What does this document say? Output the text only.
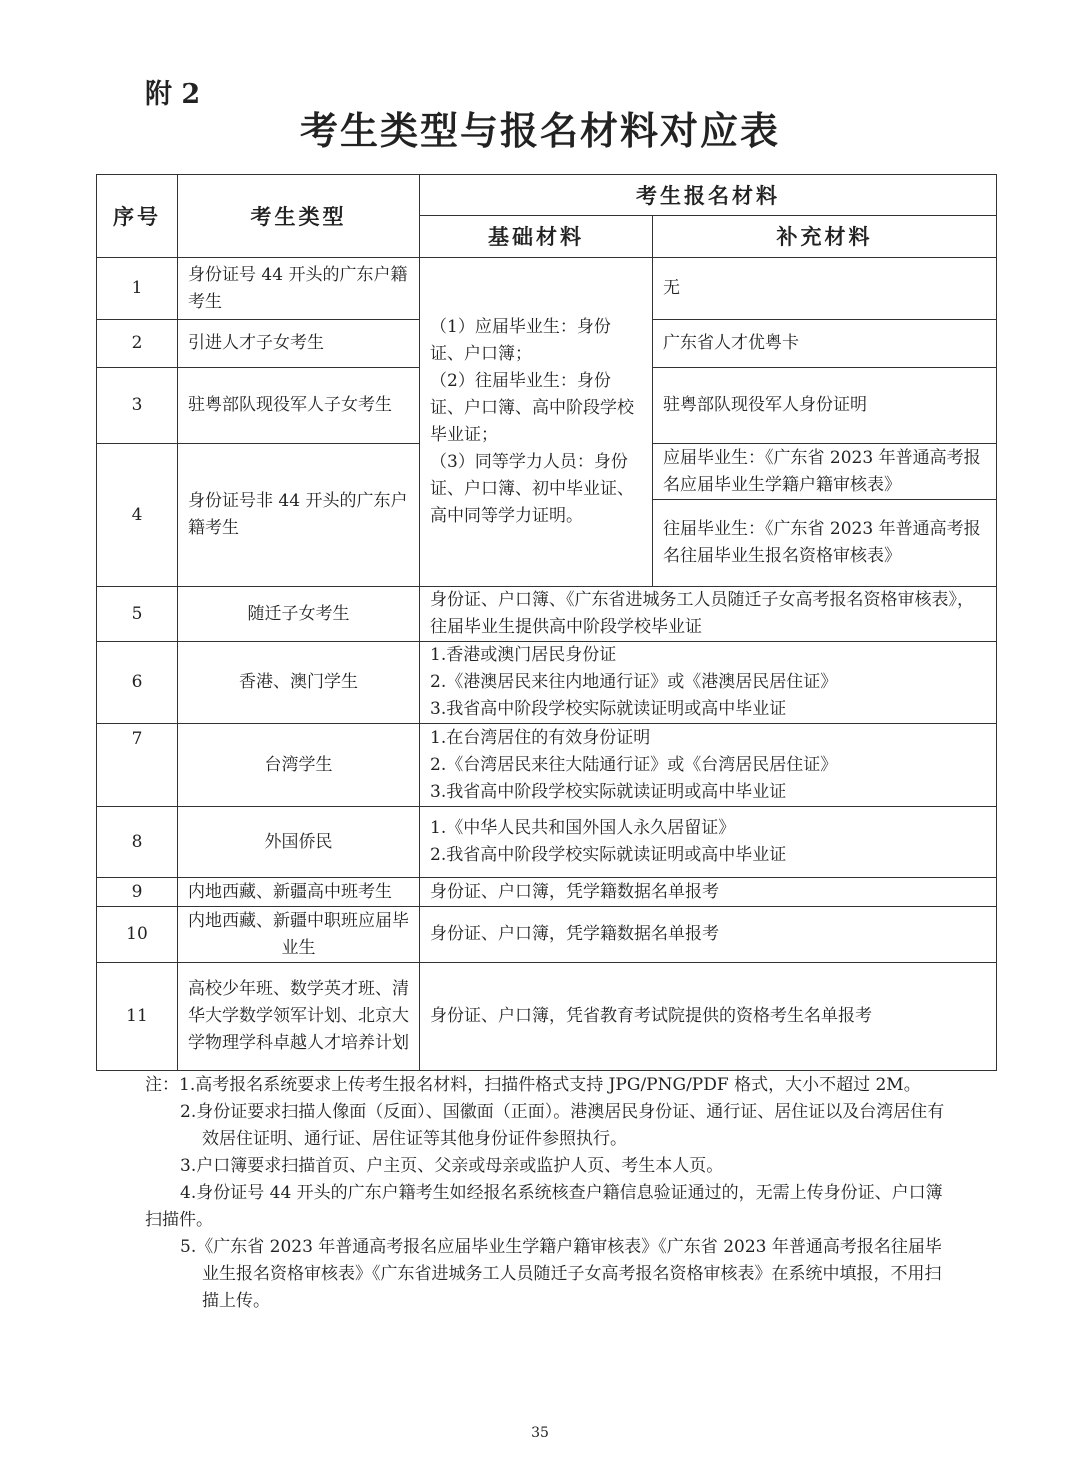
附 2
考生类型与报名材料对应表
序号	考生类型	考生报名材料	
		基础材料	补充材料
1	身份证号 44 开头的广东户籍考生	（1）应届毕业生：身份证、户口簿；
（2）往届毕业生：身份证、户口簿、高中阶段学校毕业证；
（3）同等学力人员：身份证、户口簿、初中毕业证、高中同等学力证明。	无
2	引进人才子女考生		广东省人才优粤卡
3	驻粤部队现役军人子女考生		驻粤部队现役军人身份证明
4	身份证号非 44 开头的广东户籍考生		应届毕业生：《广东省 2023 年普通高考报名应届毕业生学籍户籍审核表》
			往届毕业生：《广东省 2023 年普通高考报名往届毕业生报名资格审核表》
5	随迁子女考生	身份证、户口簿、《广东省进城务工人员随迁子女高考报名资格审核表》，往届毕业生提供高中阶段学校毕业证	
6	香港、澳门学生	1.香港或澳门居民身份证
2.《港澳居民来往内地通行证》或《港澳居民居住证》
3.我省高中阶段学校实际就读证明或高中毕业证	

7	台湾学生	1.在台湾居住的有效身份证明
2.《台湾居民来往大陆通行证》或《台湾居民居住证》
3.我省高中阶段学校实际就读证明或高中毕业证	

8	外国侨民	1.《中华人民共和国外国人永久居留证》
2.我省高中阶段学校实际就读证明或高中毕业证	

9	内地西藏、新疆高中班考生	身份证、户口簿，凭学籍数据名单报考	
10	内地西藏、新疆中职班应届毕业生	身份证、户口簿，凭学籍数据名单报考	
11	高校少年班、数学英才班、清华大学数学领军计划、北京大学物理学科卓越人才培养计划	身份证、户口簿，凭省教育考试院提供的资格考生名单报考	

注：1.高考报名系统要求上传考生报名材料，扫描件格式支持 JPG/PNG/PDF 格式，大小不超过 2M。

2.身份证要求扫描人像面（反面）、国徽面（正面）。港澳居民身份证、通行证、居住证以及台湾居住有效居住证明、通行证、居住证等其他身份证件参照执行。

3.户口簿要求扫描首页、户主页、父亲或母亲或监护人页、考生本人页。

4.身份证号 44 开头的广东户籍考生如经报名系统核查户籍信息验证通过的，无需上传身份证、户口簿扫描件。

5.《广东省 2023 年普通高考报名应届毕业生学籍户籍审核表》《广东省 2023 年普通高考报名往届毕业生报名资格审核表》《广东省进城务工人员随迁子女高考报名资格审核表》在系统中填报，不用扫描上传。

35
